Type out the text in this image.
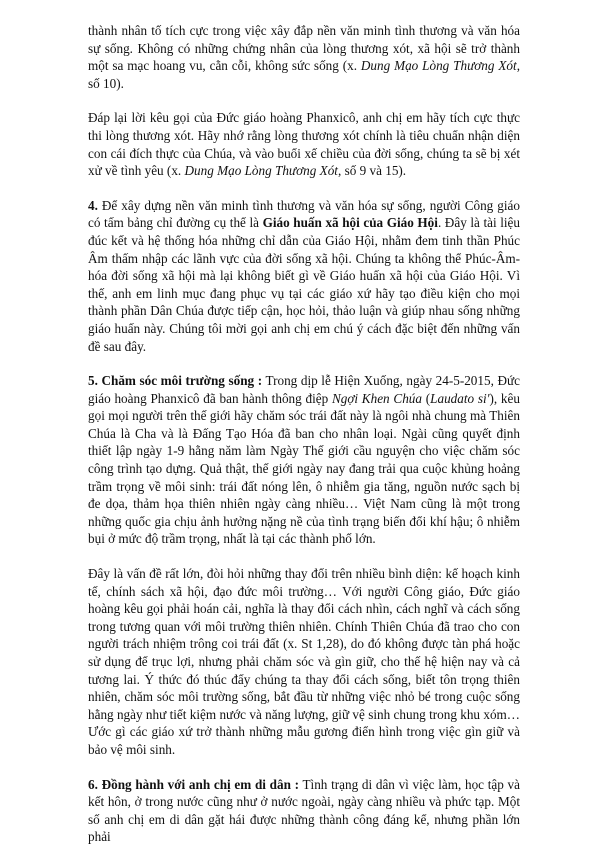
thành nhân tố tích cực trong việc xây đắp nền văn minh tình thương và văn hóa sự sống. Không có những chứng nhân của lòng thương xót, xã hội sẽ trở thành một sa mạc hoang vu, cằn cỗi, không sức sống (x. Dung Mạo Lòng Thương Xót, số 10).

Đáp lại lời kêu gọi của Đức giáo hoàng Phanxicô, anh chị em hãy tích cực thực thi lòng thương xót. Hãy nhớ rằng lòng thương xót chính là tiêu chuẩn nhận diện con cái đích thực của Chúa, và vào buổi xế chiều của đời sống, chúng ta sẽ bị xét xử về tình yêu (x. Dung Mạo Lòng Thương Xót, số 9 và 15).

4. Để xây dựng nền văn minh tình thương và văn hóa sự sống, người Công giáo có tấm bảng chỉ đường cụ thể là Giáo huấn xã hội của Giáo Hội. Đây là tài liệu đúc kết và hệ thống hóa những chỉ dẫn của Giáo Hội, nhằm đem tinh thần Phúc Âm thấm nhập các lãnh vực của đời sống xã hội. Chúng ta không thể Phúc-Âm-hóa đời sống xã hội mà lại không biết gì về Giáo huấn xã hội của Giáo Hội. Vì thế, anh em linh mục đang phục vụ tại các giáo xứ hãy tạo điều kiện cho mọi thành phần Dân Chúa được tiếp cận, học hỏi, thảo luận và giúp nhau sống những giáo huấn này. Chúng tôi mời gọi anh chị em chú ý cách đặc biệt đến những vấn đề sau đây.

5. Chăm sóc môi trường sống : Trong dịp lễ Hiện Xuống, ngày 24-5-2015, Đức giáo hoàng Phanxicô đã ban hành thông điệp Ngợi Khen Chúa (Laudato si'), kêu gọi mọi người trên thế giới hãy chăm sóc trái đất này là ngôi nhà chung mà Thiên Chúa là Cha và là Đấng Tạo Hóa đã ban cho nhân loại. Ngài cũng quyết định thiết lập ngày 1-9 hằng năm làm Ngày Thế giới cầu nguyện cho việc chăm sóc công trình tạo dựng. Quả thật, thế giới ngày nay đang trải qua cuộc khủng hoảng trầm trọng về môi sinh: trái đất nóng lên, ô nhiễm gia tăng, nguồn nước sạch bị đe dọa, thảm họa thiên nhiên ngày càng nhiều… Việt Nam cũng là một trong những quốc gia chịu ảnh hưởng nặng nề của tình trạng biến đổi khí hậu; ô nhiễm bụi ở mức độ trầm trọng, nhất là tại các thành phố lớn.

Đây là vấn đề rất lớn, đòi hỏi những thay đổi trên nhiều bình diện: kế hoạch kinh tế, chính sách xã hội, đạo đức môi trường… Với người Công giáo, Đức giáo hoàng kêu gọi phải hoán cải, nghĩa là thay đổi cách nhìn, cách nghĩ và cách sống trong tương quan với môi trường thiên nhiên. Chính Thiên Chúa đã trao cho con người trách nhiệm trông coi trái đất (x. St 1,28), do đó không được tàn phá hoặc sử dụng để trục lợi, nhưng phải chăm sóc và gìn giữ, cho thế hệ hiện nay và cả tương lai. Ý thức đó thúc đẩy chúng ta thay đổi cách sống, biết tôn trọng thiên nhiên, chăm sóc môi trường sống, bắt đầu từ những việc nhỏ bé trong cuộc sống hằng ngày như tiết kiệm nước và năng lượng, giữ vệ sinh chung trong khu xóm… Ước gì các giáo xứ trở thành những mẫu gương điển hình trong việc gìn giữ và bảo vệ môi sinh.

6. Đồng hành với anh chị em di dân : Tình trạng di dân vì việc làm, học tập và kết hôn, ở trong nước cũng như ở nước ngoài, ngày càng nhiều và phức tạp. Một số anh chị em di dân gặt hái được những thành công đáng kể, nhưng phần lớn phải
